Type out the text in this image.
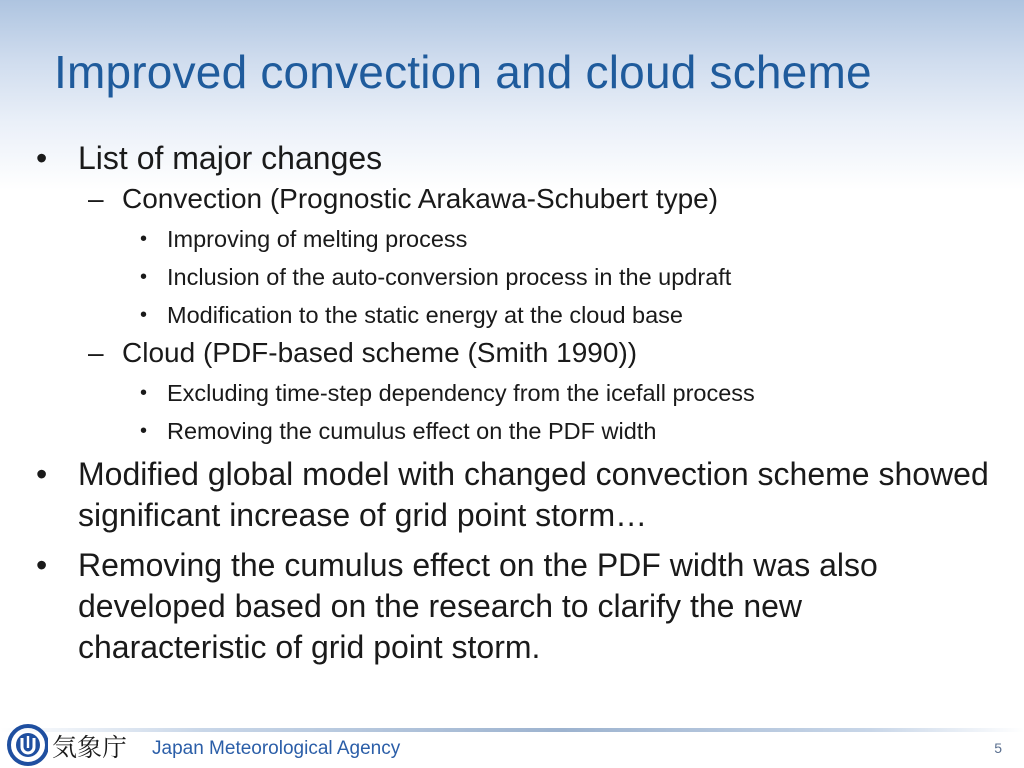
Improved convection and cloud scheme
• List of major changes
– Convection (Prognostic Arakawa-Schubert type)
• Improving of melting process
• Inclusion of the auto-conversion process in the updraft
• Modification to the static energy at the cloud base
– Cloud (PDF-based scheme (Smith 1990))
• Excluding time-step dependency from the icefall process
• Removing the cumulus effect on the PDF width
• Modified global model with changed convection scheme showed significant increase of grid point storm…
• Removing the cumulus effect on the PDF width was also developed based on the research to clarify the new characteristic of grid point storm.
気象庁 Japan Meteorological Agency	5
